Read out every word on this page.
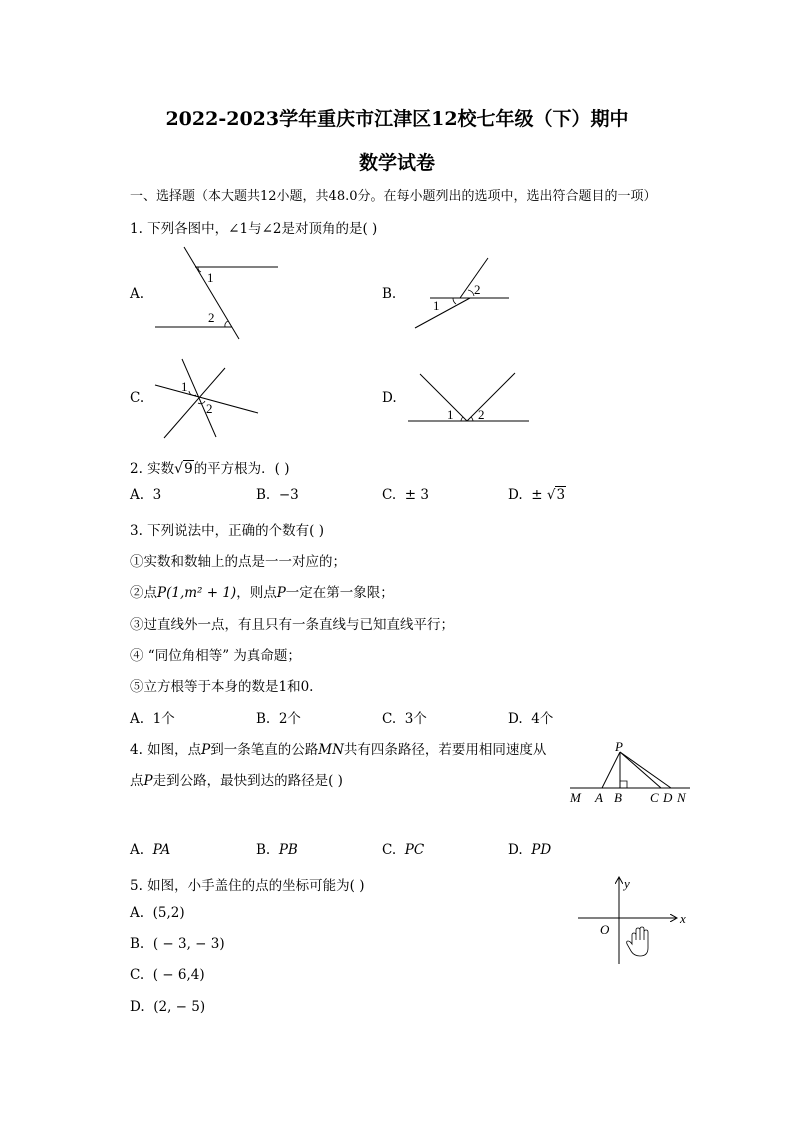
2022-2023学年重庆市江津区12校七年级（下）期中
数学试卷
一、选择题（本大题共12小题，共48.0分。在每小题列出的选项中，选出符合题目的一项）
1. 下列各图中，∠1与∠2是对顶角的是( )
A.
1
2
B.
1
2
C.
1
2
D.
1 2
2. 实数√9的平方根为．( )
A. 3	B. −3	C. ± 3	D. ± √3
3. 下列说法中，正确的个数有( )
①实数和数轴上的点是一一对应的；
②点P(1,m² + 1)，则点P一定在第一象限；
③过直线外一点，有且只有一条直线与已知直线平行；
④ “同位角相等” 为真命题；
⑤立方根等于本身的数是1和0.
A. 1个	B. 2个	C. 3个	D. 4个
4. 如图，点P到一条笔直的公路MN共有四条路径，若要用相同速度从
点P走到公路，最快到达的路径是( )
P
M A B C D N
A. PA	B. PB	C. PC	D. PD
5. 如图，小手盖住的点的坐标可能为( )
A. (5,2)
B. ( − 3, − 3)
C. ( − 6,4)
D. (2, − 5)
y
x
O
